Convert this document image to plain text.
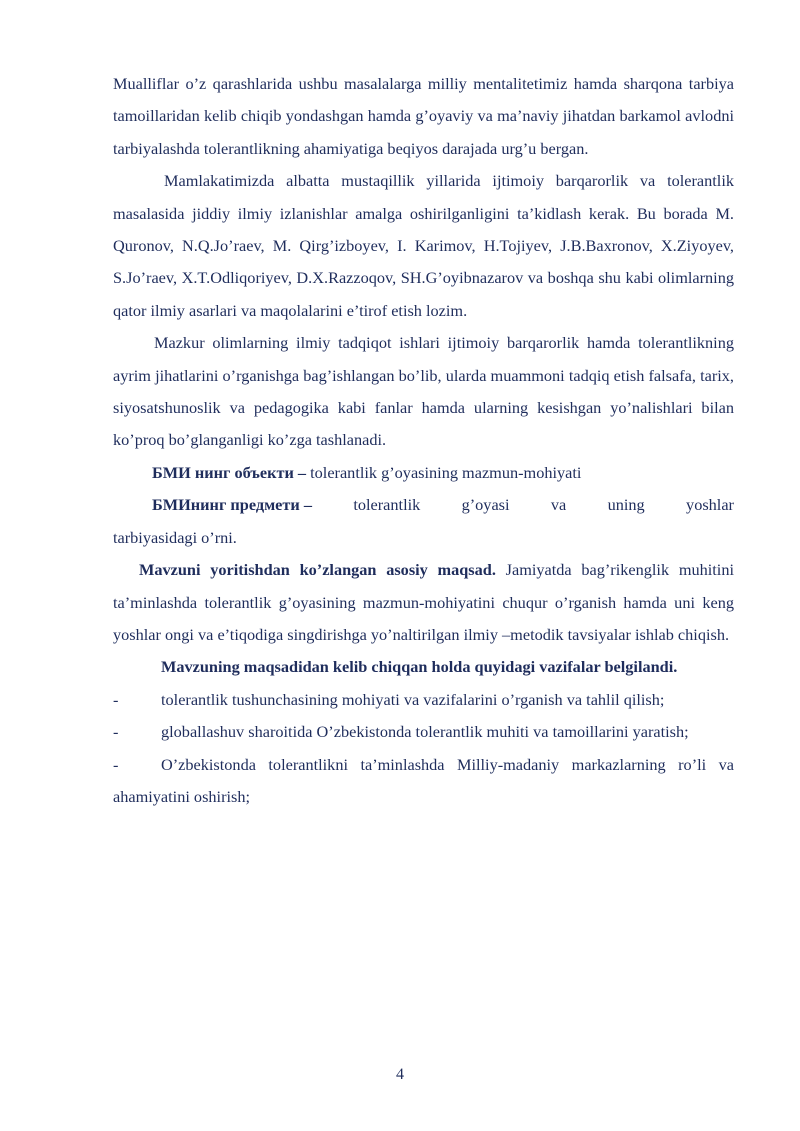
Mualliflar o’z qarashlarida ushbu masalalarga milliy mentalitetimiz hamda sharqona tarbiya tamoillaridan kelib chiqib yondashgan hamda g’oyaviy va ma’naviy jihatdan barkamol avlodni tarbiyalashda tolerantlikning ahamiyatiga beqiyos darajada urg’u bergan.

Mamlakatimizda albatta mustaqillik yillarida ijtimoiy barqarorlik va tolerantlik masalasida jiddiy ilmiy izlanishlar amalga oshirilganligini ta’kidlash kerak. Bu borada M. Quronov, N.Q.Jo’raev, M. Qirg’izboyev, I. Karimov, H.Tojiyev, J.B.Baxronov, X.Ziyoyev, S.Jo’raev, X.T.Odliqoriyev, D.X.Razzoqov, SH.G’oyibnazarov va boshqa shu kabi olimlarning qator ilmiy asarlari va maqolalarini e’tirof etish lozim.

Mazkur olimlarning ilmiy tadqiqot ishlari ijtimoiy barqarorlik hamda tolerantlikning ayrim jihatlarini o’rganishga bag’ishlangan bo’lib, ularda muammoni tadqiq etish falsafa, tarix, siyosatshunoslik va pedagogika kabi fanlar hamda ularning kesishgan yo’nalishlari bilan ko’proq bo’glanganligi ko’zga tashlanadi.

БМИ нинг объекти – tolerantlik g’oyasining mazmun-mohiyati

БМИнинг предмети –	tolerantlik	g’oyasi	va	uning	yoshlar
tarbiyasidagi o’rni.

Mavzuni yoritishdan ko’zlangan asosiy maqsad. Jamiyatda bag’rikenglik muhitini ta’minlashda tolerantlik g’oyasining mazmun-mohiyatini chuqur o’rganish hamda uni keng yoshlar ongi va e’tiqodiga singdirishga yo’naltirilgan ilmiy –metodik tavsiyalar ishlab chiqish.

Mavzuning maqsadidan kelib chiqqan holda quyidagi vazifalar belgilandi.

-	tolerantlik tushunchasining mohiyati va vazifalarini o’rganish va tahlil qilish;

-	globallashuv sharoitida O’zbekistonda tolerantlik muhiti va tamoillarini yaratish;

-	O’zbekistonda tolerantlikni ta’minlashda Milliy-madaniy markazlarning ro’li va ahamiyatini oshirish;

4
